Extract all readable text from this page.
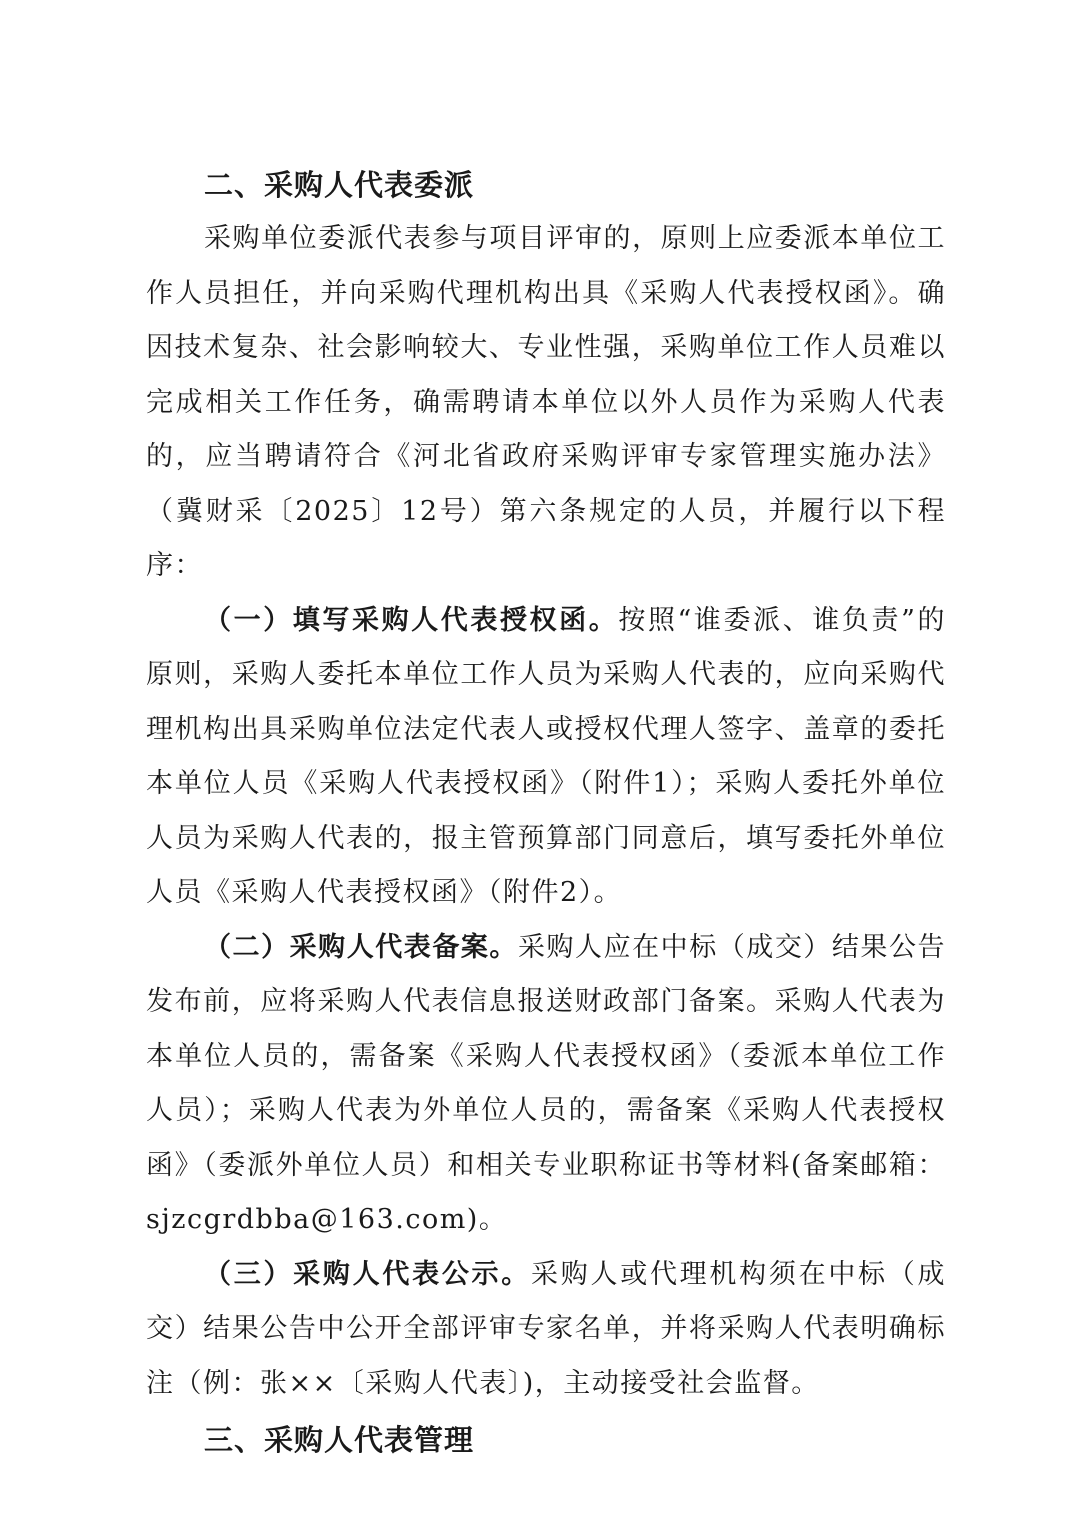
二、采购人代表委派

采购单位委派代表参与项目评审的，原则上应委派本单位工作人员担任，并向采购代理机构出具《采购人代表授权函》。确因技术复杂、社会影响较大、专业性强，采购单位工作人员难以完成相关工作任务，确需聘请本单位以外人员作为采购人代表的，应当聘请符合《河北省政府采购评审专家管理实施办法》（冀财采〔2025〕12号）第六条规定的人员，并履行以下程序：

（一）填写采购人代表授权函。按照“谁委派、谁负责”的原则，采购人委托本单位工作人员为采购人代表的，应向采购代理机构出具采购单位法定代表人或授权代理人签字、盖章的委托本单位人员《采购人代表授权函》（附件1）；采购人委托外单位人员为采购人代表的，报主管预算部门同意后，填写委托外单位人员《采购人代表授权函》（附件2）。

（二）采购人代表备案。采购人应在中标（成交）结果公告发布前，应将采购人代表信息报送财政部门备案。采购人代表为本单位人员的，需备案《采购人代表授权函》（委派本单位工作人员）；采购人代表为外单位人员的，需备案《采购人代表授权函》（委派外单位人员）和相关专业职称证书等材料(备案邮箱：sjzcgrdbba@163.com)。

（三）采购人代表公示。采购人或代理机构须在中标（成交）结果公告中公开全部评审专家名单，并将采购人代表明确标注（例：张××〔采购人代表〕)，主动接受社会监督。

三、采购人代表管理
